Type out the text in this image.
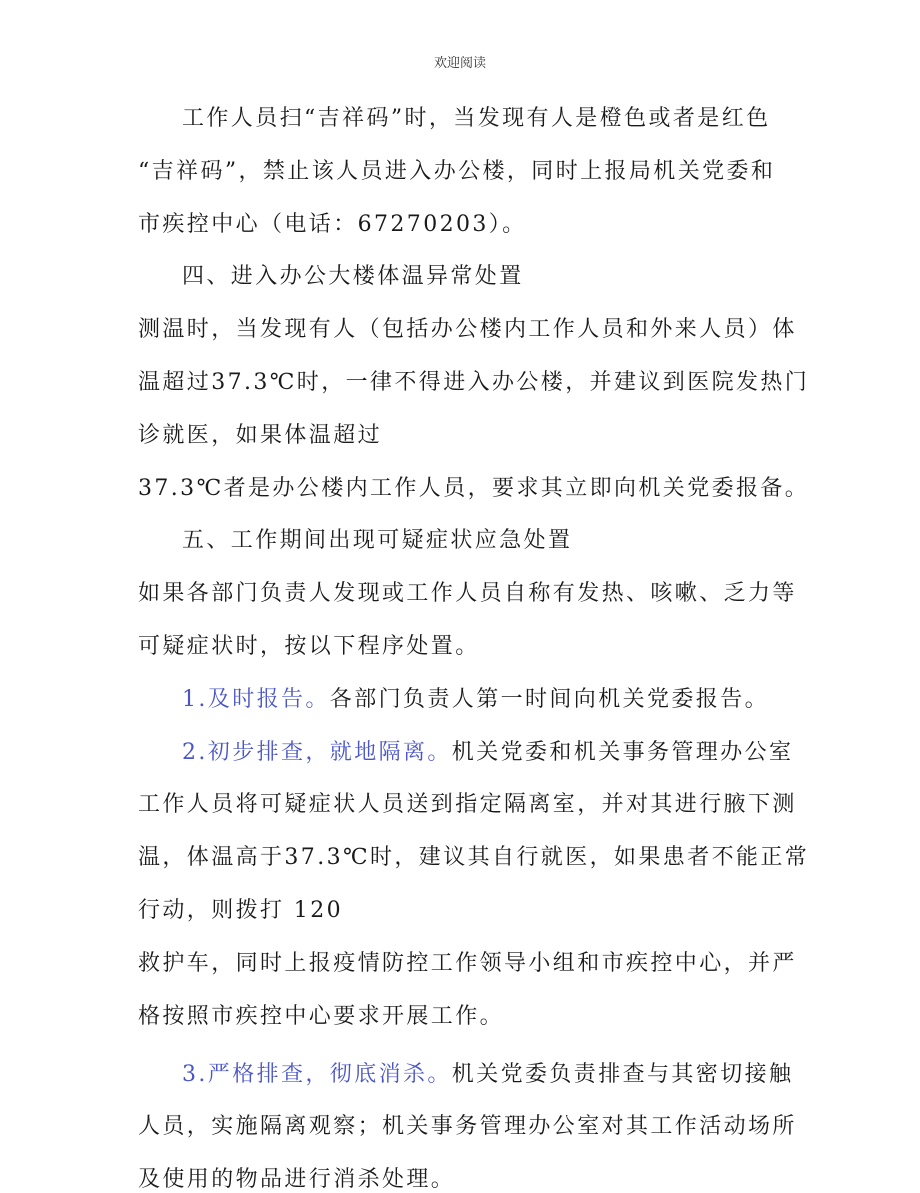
欢迎阅读
工作人员扫“吉祥码”时，当发现有人是橙色或者是红色
“吉祥码”，禁止该人员进入办公楼，同时上报局机关党委和
市疾控中心（电话：67270203）。
四、进入办公大楼体温异常处置
测温时，当发现有人（包括办公楼内工作人员和外来人员）体
温超过37.3℃时，一律不得进入办公楼，并建议到医院发热门
诊就医，如果体温超过
37.3℃者是办公楼内工作人员，要求其立即向机关党委报备。
五、工作期间出现可疑症状应急处置
如果各部门负责人发现或工作人员自称有发热、咳嗽、乏力等
可疑症状时，按以下程序处置。
1.及时报告。各部门负责人第一时间向机关党委报告。
2.初步排查，就地隔离。机关党委和机关事务管理办公室
工作人员将可疑症状人员送到指定隔离室，并对其进行腋下测
温，体温高于37.3℃时，建议其自行就医，如果患者不能正常
行动，则拨打 120
救护车，同时上报疫情防控工作领导小组和市疾控中心，并严
格按照市疾控中心要求开展工作。
3.严格排查，彻底消杀。机关党委负责排查与其密切接触
人员，实施隔离观察；机关事务管理办公室对其工作活动场所
及使用的物品进行消杀处理。
